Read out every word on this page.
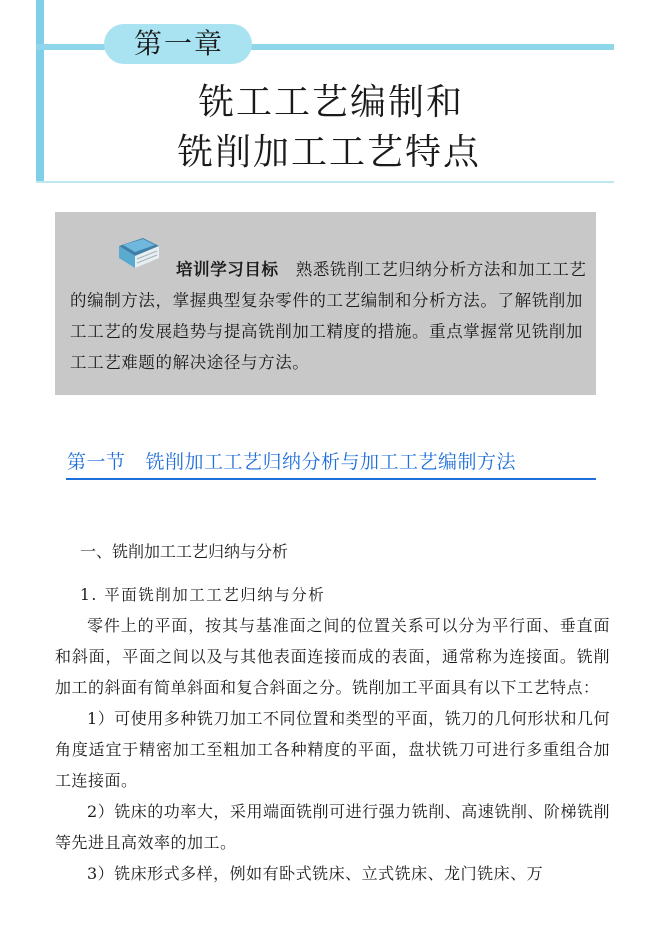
第一章
铣工工艺编制和
铣削加工工艺特点
培训学习目标　 熟悉铣削工艺归纳分析方法和加工工艺的编制方法，掌握典型复杂零件的工艺编制和分析方法。了解铣削加工工艺的发展趋势与提高铣削加工精度的措施。重点掌握常见铣削加工工艺难题的解决途径与方法。
第一节 铣削加工工艺归纳分析与加工工艺编制方法
一、铣削加工工艺归纳与分析
1. 平面铣削加工工艺归纳与分析

零件上的平面，按其与基准面之间的位置关系可以分为平行面、垂直面和斜面，平面之间以及与其他表面连接而成的表面，通常称为连接面。铣削加工的斜面有简单斜面和复合斜面之分。铣削加工平面具有以下工艺特点：

1）可使用多种铣刀加工不同位置和类型的平面，铣刀的几何形状和几何角度适宜于精密加工至粗加工各种精度的平面，盘状铣刀可进行多重组合加工连接面。

2）铣床的功率大，采用端面铣削可进行强力铣削、高速铣削、阶梯铣削等先进且高效率的加工。

3）铣床形式多样，例如有卧式铣床、立式铣床、龙门铣床、万
